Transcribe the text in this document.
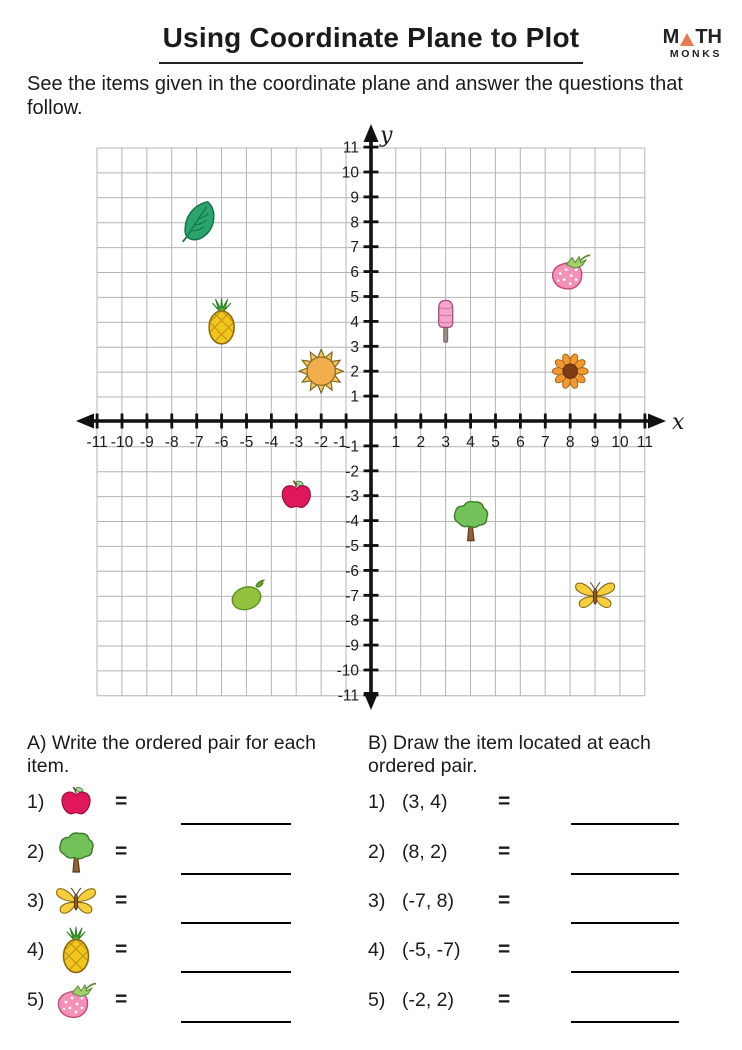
Using Coordinate Plane to Plot	M TH
MONKS

See the items given in the coordinate plane and answer the questions that follow.

-11
-11
-10
-10
-9
-9
-8
-8
-7
-7
-6
-6
-5
-5
-4
-4
-3
-3
-2
-2
-1
-1 1
1
2
2
3
3
4
4
5
5
6
6
7
7
8
8
9
9
10
10
11
11
x
y

A) Write the ordered pair for each item.

B) Draw the item located at each ordered pair.

1)	=
2)	=
3)	=
4)	=
5)	=
1) (3, 4)	=
2) (8, 2)	=
3) (-7, 8)	=
4) (-5, -7)	=
5) (-2, 2)	=
